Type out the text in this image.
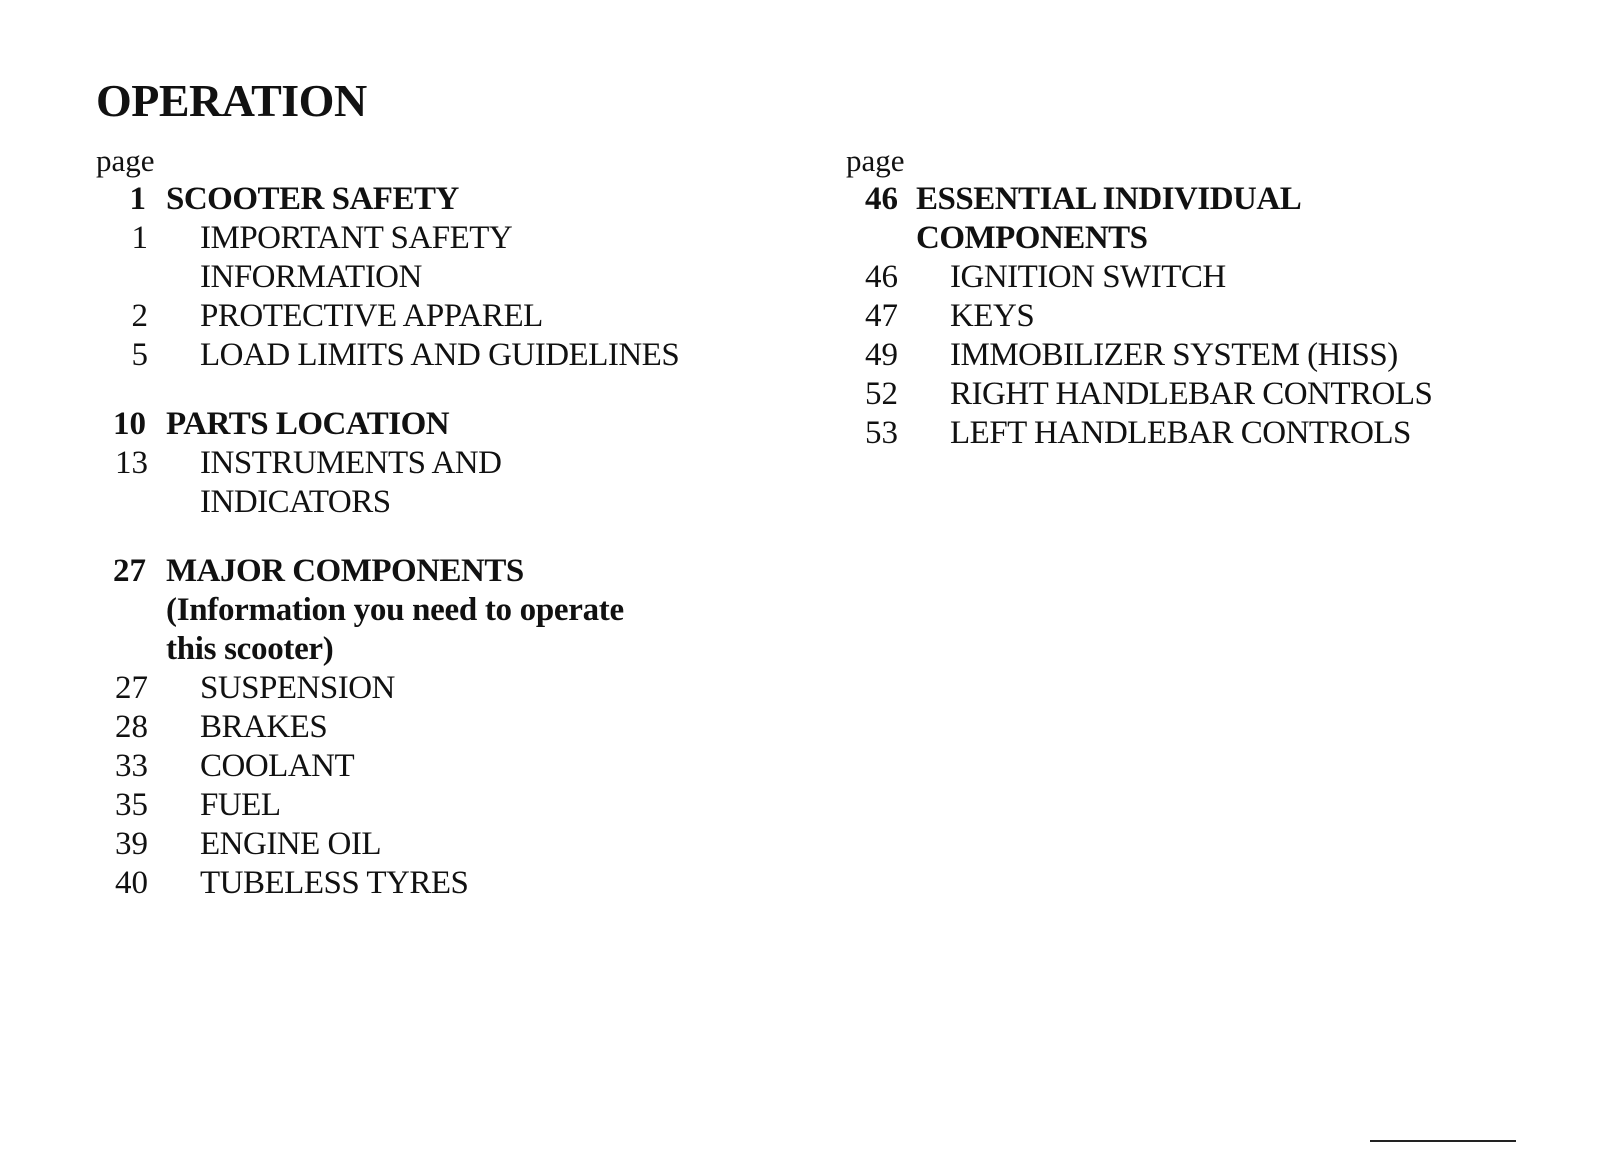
OPERATION
page
1 SCOOTER SAFETY
1 IMPORTANT SAFETY
INFORMATION
2 PROTECTIVE APPAREL
5 LOAD LIMITS AND GUIDELINES
10 PARTS LOCATION
13 INSTRUMENTS AND
INDICATORS
27 MAJOR COMPONENTS
(Information you need to operate
this scooter)
27 SUSPENSION
28 BRAKES
33 COOLANT
35 FUEL
39 ENGINE OIL
40 TUBELESS TYRES
page
46 ESSENTIAL INDIVIDUAL
COMPONENTS
46 IGNITION SWITCH
47 KEYS
49 IMMOBILIZER SYSTEM (HISS)
52 RIGHT HANDLEBAR CONTROLS
53 LEFT HANDLEBAR CONTROLS
